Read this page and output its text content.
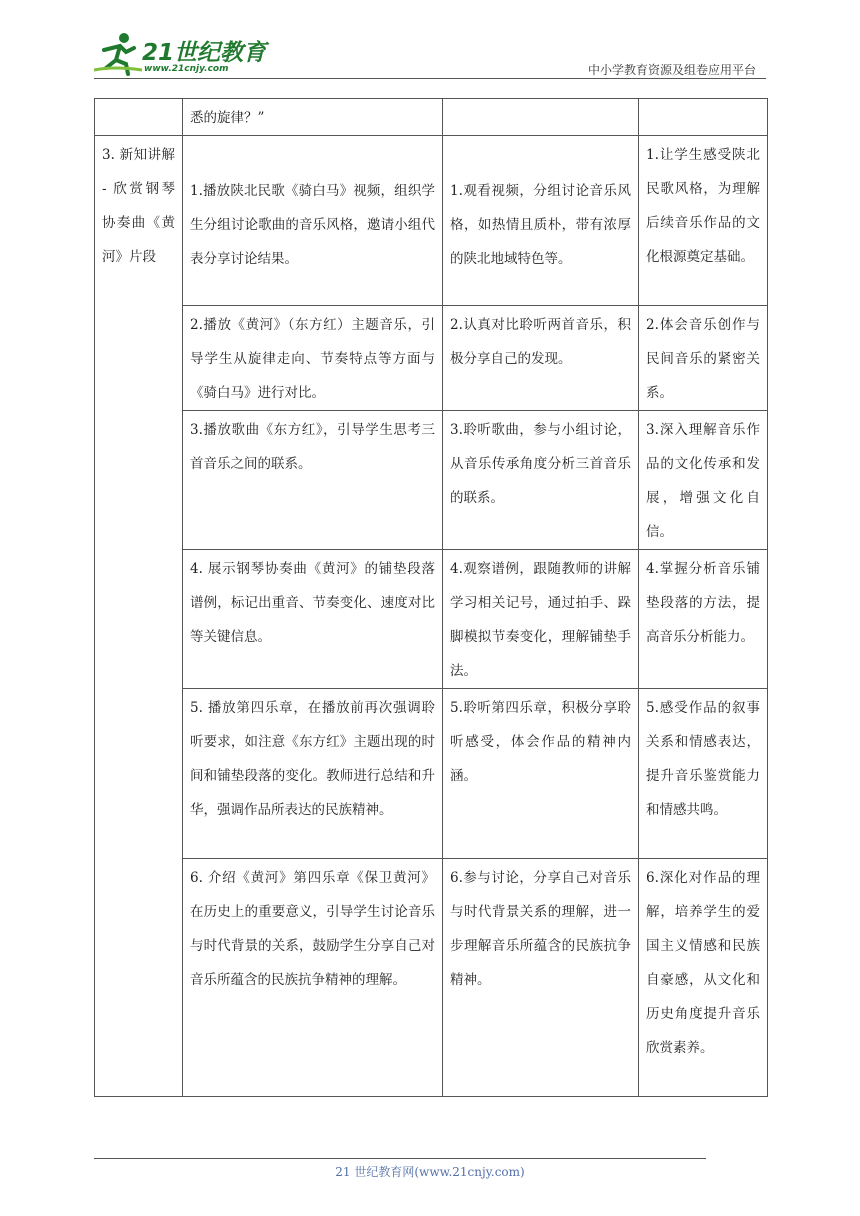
21世纪教育
www.21cnjy.com	中小学教育资源及组卷应用平台
	悉的旋律？”		
3. 新知讲解 - 欣赏钢琴协奏曲《黄河》片段	1.播放陕北民歌《骑白马》视频，组织学生分组讨论歌曲的音乐风格，邀请小组代表分享讨论结果。	1.观看视频，分组讨论音乐风格，如热情且质朴，带有浓厚的陕北地域特色等。	1.让学生感受陕北民歌风格，为理解后续音乐作品的文化根源奠定基础。
	2.播放《黄河》（东方红）主题音乐，引导学生从旋律走向、节奏特点等方面与《骑白马》进行对比。	2.认真对比聆听两首音乐，积极分享自己的发现。	2.体会音乐创作与民间音乐的紧密关系。
	3.播放歌曲《东方红》，引导学生思考三首音乐之间的联系。	3.聆听歌曲，参与小组讨论，从音乐传承角度分析三首音乐的联系。	3.深入理解音乐作品的文化传承和发展，增强文化自信。
	4. 展示钢琴协奏曲《黄河》的铺垫段落谱例，标记出重音、节奏变化、速度对比等关键信息。	4.观察谱例，跟随教师的讲解学习相关记号，通过拍手、跺脚模拟节奏变化，理解铺垫手法。	4.掌握分析音乐铺垫段落的方法，提高音乐分析能力。
	5. 播放第四乐章，在播放前再次强调聆听要求，如注意《东方红》主题出现的时间和铺垫段落的变化。教师进行总结和升华，强调作品所表达的民族精神。	5.聆听第四乐章，积极分享聆听感受，体会作品的精神内涵。	5.感受作品的叙事关系和情感表达，提升音乐鉴赏能力和情感共鸣。
	6. 介绍《黄河》第四乐章《保卫黄河》在历史上的重要意义，引导学生讨论音乐与时代背景的关系，鼓励学生分享自己对音乐所蕴含的民族抗争精神的理解。	6.参与讨论，分享自己对音乐与时代背景关系的理解，进一步理解音乐所蕴含的民族抗争精神。	6.深化对作品的理解，培养学生的爱国主义情感和民族自豪感，从文化和历史角度提升音乐欣赏素养。
21 世纪教育网(www.21cnjy.com)
